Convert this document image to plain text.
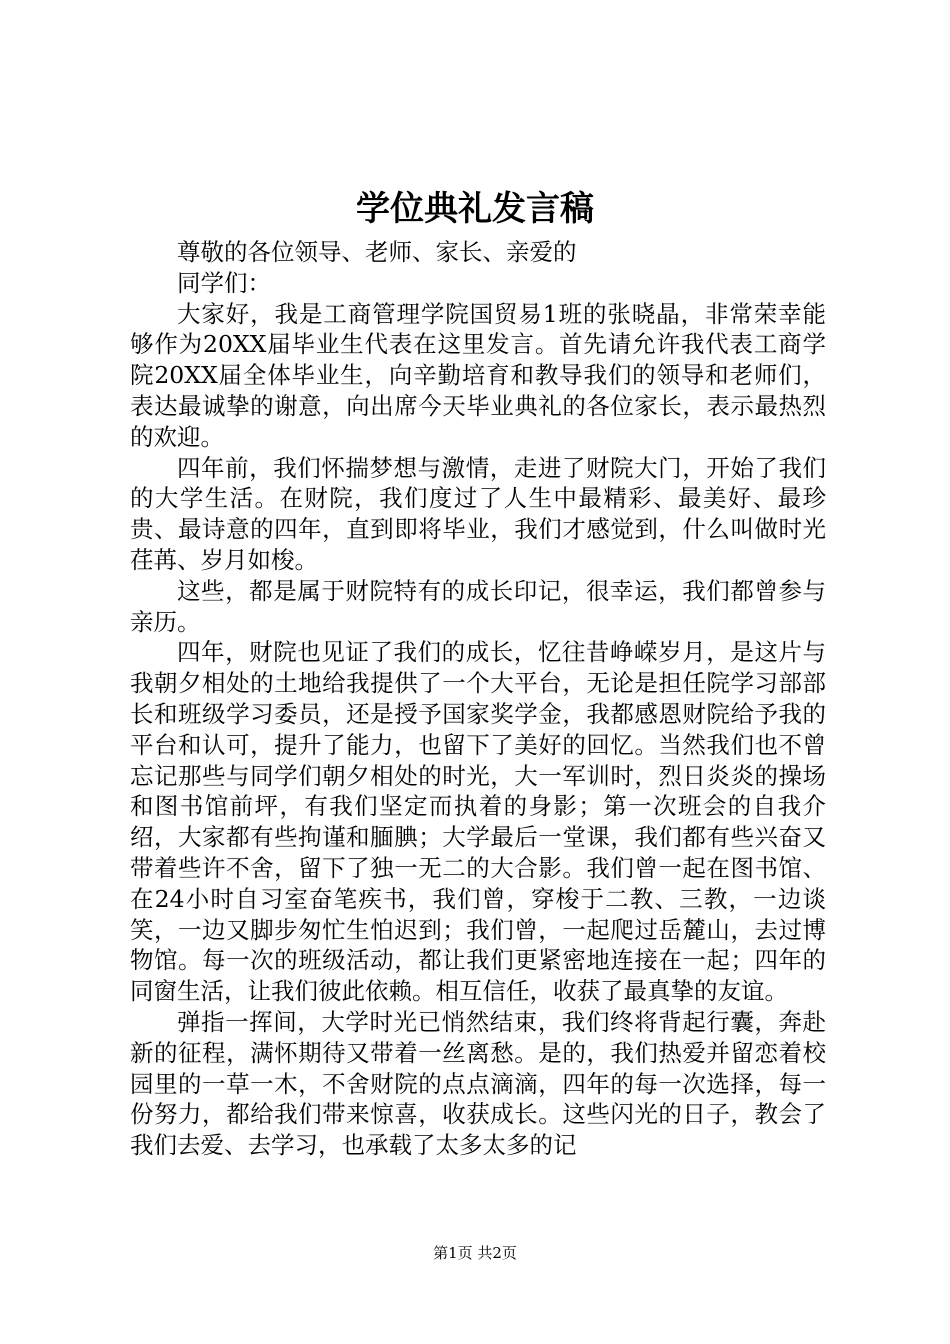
学位典礼发言稿

尊敬的各位领导、老师、家长、亲爱的

同学们：

大家好，我是工商管理学院国贸易1班的张晓晶，非常荣幸能够作为20XX届毕业生代表在这里发言。首先请允许我代表工商学院20XX届全体毕业生，向辛勤培育和教导我们的领导和老师们，表达最诚挚的谢意，向出席今天毕业典礼的各位家长，表示最热烈的欢迎。

四年前，我们怀揣梦想与激情，走进了财院大门，开始了我们的大学生活。在财院，我们度过了人生中最精彩、最美好、最珍贵、最诗意的四年，直到即将毕业，我们才感觉到，什么叫做时光荏苒、岁月如梭。

这些，都是属于财院特有的成长印记，很幸运，我们都曾参与亲历。

四年，财院也见证了我们的成长，忆往昔峥嵘岁月，是这片与我朝夕相处的土地给我提供了一个大平台，无论是担任院学习部部长和班级学习委员，还是授予国家奖学金，我都感恩财院给予我的平台和认可，提升了能力，也留下了美好的回忆。当然我们也不曾忘记那些与同学们朝夕相处的时光，大一军训时，烈日炎炎的操场和图书馆前坪，有我们坚定而执着的身影；第一次班会的自我介绍，大家都有些拘谨和腼腆；大学最后一堂课，我们都有些兴奋又带着些许不舍，留下了独一无二的大合影。我们曾一起在图书馆、在24小时自习室奋笔疾书，我们曾，穿梭于二教、三教，一边谈笑，一边又脚步匆忙生怕迟到；我们曾，一起爬过岳麓山，去过博物馆。每一次的班级活动，都让我们更紧密地连接在一起；四年的同窗生活，让我们彼此依赖。相互信任，收获了最真挚的友谊。

弹指一挥间，大学时光已悄然结束，我们终将背起行囊，奔赴新的征程，满怀期待又带着一丝离愁。是的，我们热爱并留恋着校园里的一草一木，不舍财院的点点滴滴，四年的每一次选择，每一份努力，都给我们带来惊喜，收获成长。这些闪光的日子，教会了我们去爱、去学习，也承载了太多太多的记

第1页 共2页
